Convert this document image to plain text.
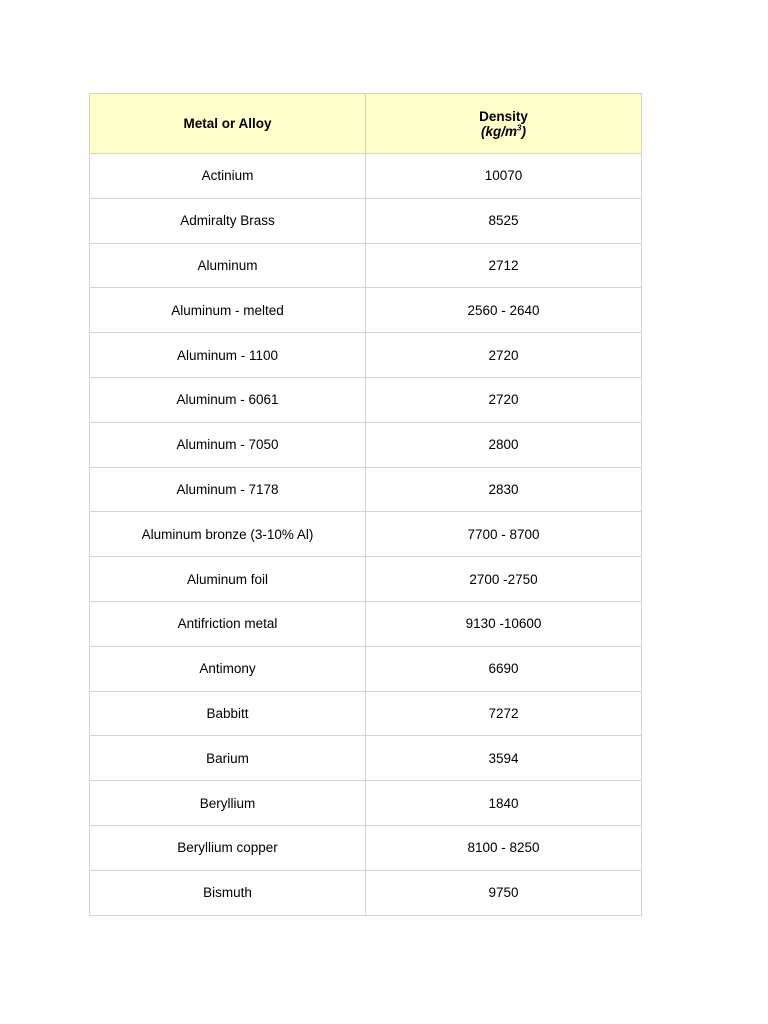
Metal or Alloy	Density
$(kg/m^3)$
Actinium	10070
Admiralty Brass	8525
Aluminum	2712
Aluminum - melted	2560 - 2640
Aluminum - 1100	2720
Aluminum - 6061	2720
Aluminum - 7050	2800
Aluminum - 7178	2830
Aluminum bronze (3-10% Al)	7700 - 8700
Aluminum foil	2700 -2750
Antifriction metal	9130 -10600
Antimony	6690
Babbitt	7272
Barium	3594
Beryllium	1840
Beryllium copper	8100 - 8250
Bismuth	9750
